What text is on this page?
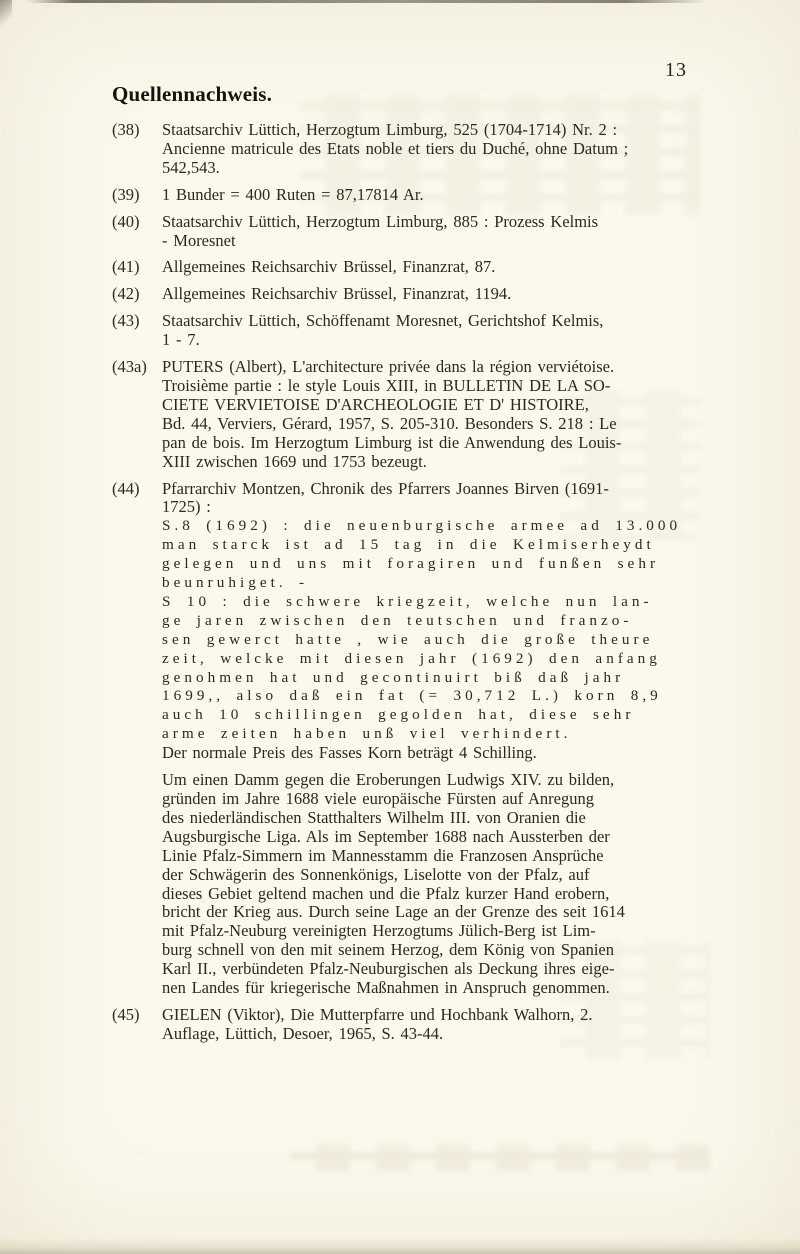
13
Quellennachweis.
(38)	Staatsarchiv Lüttich, Herzogtum Limburg, 525 (1704-1714) Nr. 2 :
Ancienne matricule des Etats noble et tiers du Duché, ohne Datum ;
542,543.
(39)	1 Bunder = 400 Ruten = 87,17814 Ar.
(40)	Staatsarchiv Lüttich, Herzogtum Limburg, 885 : Prozess Kelmis
- Moresnet
(41)	Allgemeines Reichsarchiv Brüssel, Finanzrat, 87.
(42)	Allgemeines Reichsarchiv Brüssel, Finanzrat, 1194.
(43)	Staatsarchiv Lüttich, Schöffenamt Moresnet, Gerichtshof Kelmis,
1 - 7.
(43a) PUTERS (Albert), L'architecture privée dans la région verviétoise.
Troisième partie : le style Louis XIII, in BULLETIN DE LA SO-
CIETE VERVIETOISE D'ARCHEOLOGIE ET D' HISTOIRE,
Bd. 44, Verviers, Gérard, 1957, S. 205-310. Besonders S. 218 : Le
pan de bois. Im Herzogtum Limburg ist die Anwendung des Louis-
XIII zwischen 1669 und 1753 bezeugt.
(44)	Pfarrarchiv Montzen, Chronik des Pfarrers Joannes Birven (1691-
1725) :
S.8 (1692) : die neuenburgische armee ad 13.000
man starck ist ad 15 tag in die Kelmiserheydt
gelegen und uns mit foragiren und funßen sehr
beunruhiget. -
S 10 : die schwere kriegzeit, welche nun lan-
ge jaren zwischen den teutschen und franzo-
sen gewerct hatte , wie auch die große theure
zeit, welcke mit diesen jahr (1692) den anfang
genohmen hat und gecontinuirt biß daß jahr
1699,, also daß ein fat (= 30,712 L.) korn 8,9
auch 10 schillingen gegolden hat, diese sehr
arme zeiten haben unß viel verhindert.
Der normale Preis des Fasses Korn beträgt 4 Schilling.
Um einen Damm gegen die Eroberungen Ludwigs XIV. zu bilden,
gründen im Jahre 1688 viele europäische Fürsten auf Anregung
des niederländischen Statthalters Wilhelm III. von Oranien die
Augsburgische Liga. Als im September 1688 nach Aussterben der
Linie Pfalz-Simmern im Mannesstamm die Franzosen Ansprüche
der Schwägerin des Sonnenkönigs, Liselotte von der Pfalz, auf
dieses Gebiet geltend machen und die Pfalz kurzer Hand erobern,
bricht der Krieg aus. Durch seine Lage an der Grenze des seit 1614
mit Pfalz-Neuburg vereinigten Herzogtums Jülich-Berg ist Lim-
burg schnell von den mit seinem Herzog, dem König von Spanien
Karl II., verbündeten Pfalz-Neuburgischen als Deckung ihres eige-
nen Landes für kriegerische Maßnahmen in Anspruch genommen.
(45)	GIELEN (Viktor), Die Mutterpfarre und Hochbank Walhorn, 2.
Auflage, Lüttich, Desoer, 1965, S. 43-44.
